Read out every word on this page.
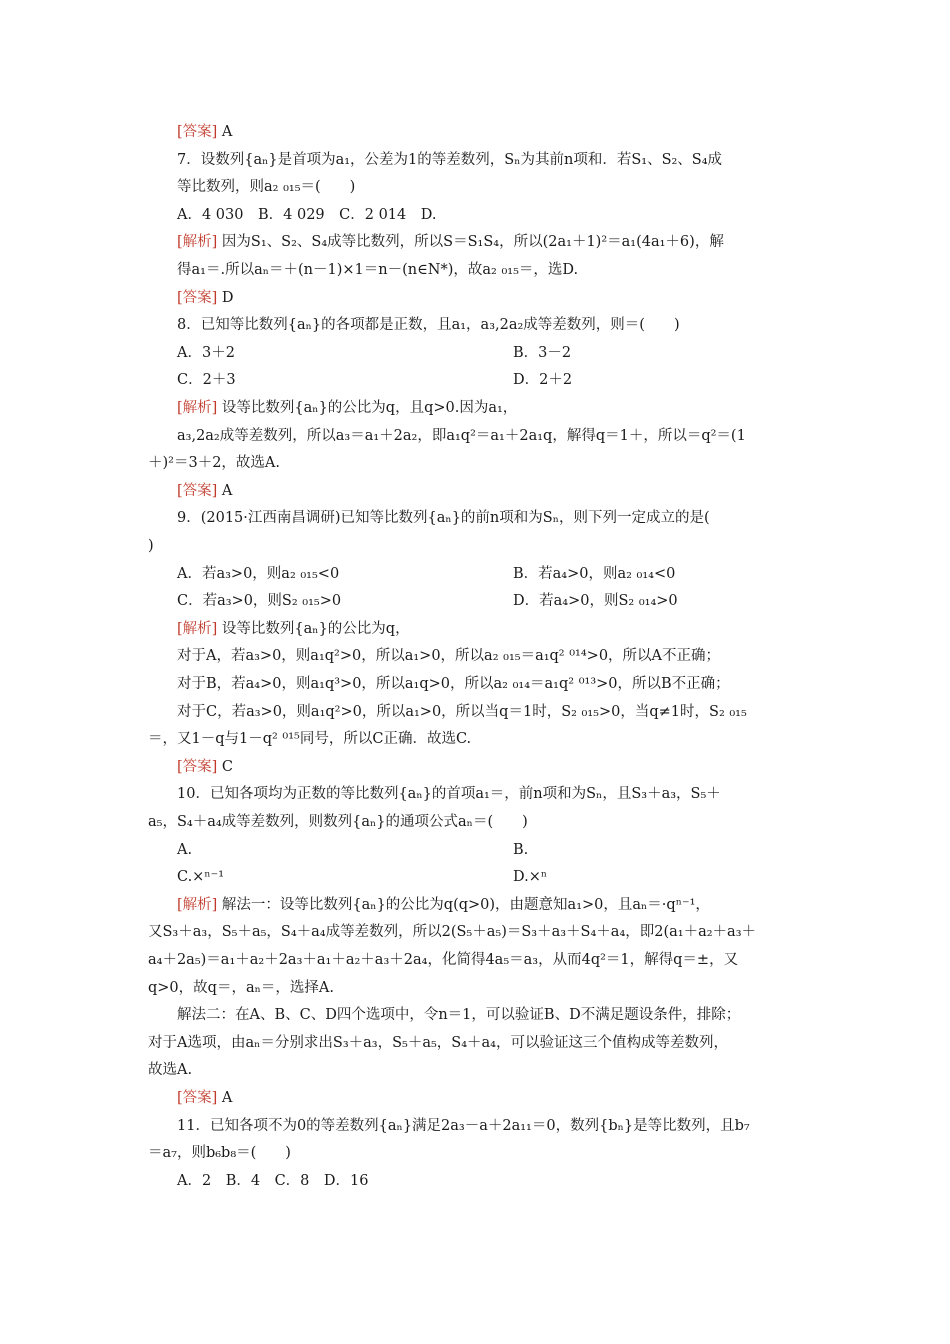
[答案] A
7．设数列{aₙ}是首项为a₁，公差为1的等差数列，Sₙ为其前n项和．若S₁、S₂、S₄成
等比数列，则a₂ ₀₁₅＝(　　)
A．4 030　B．4 029　C．2 014　D.
[解析] 因为S₁、S₂、S₄成等比数列，所以S＝S₁S₄，所以(2a₁＋1)²＝a₁(4a₁＋6)，解
得a₁＝.所以aₙ＝＋(n－1)×1＝n－(n∈N*)，故a₂ ₀₁₅＝，选D.
[答案] D
8．已知等比数列{aₙ}的各项都是正数，且a₁，a₃,2a₂成等差数列，则＝(　　)
A．3＋2	B．3－2
C．2＋3	D．2＋2
[解析] 设等比数列{aₙ}的公比为q，且q>0.因为a₁，
a₃,2a₂成等差数列，所以a₃＝a₁＋2a₂，即a₁q²＝a₁＋2a₁q，解得q＝1＋，所以＝q²＝(1
＋)²＝3＋2，故选A.
[答案] A
9．(2015·江西南昌调研)已知等比数列{aₙ}的前n项和为Sₙ，则下列一定成立的是(
)
A．若a₃>0，则a₂ ₀₁₅<0	B．若a₄>0，则a₂ ₀₁₄<0
C．若a₃>0，则S₂ ₀₁₅>0	D．若a₄>0，则S₂ ₀₁₄>0
[解析] 设等比数列{aₙ}的公比为q，
对于A，若a₃>0，则a₁q²>0，所以a₁>0，所以a₂ ₀₁₅＝a₁q² ⁰¹⁴>0，所以A不正确；
对于B，若a₄>0，则a₁q³>0，所以a₁q>0，所以a₂ ₀₁₄＝a₁q² ⁰¹³>0，所以B不正确；
对于C，若a₃>0，则a₁q²>0，所以a₁>0，所以当q＝1时，S₂ ₀₁₅>0，当q≠1时，S₂ ₀₁₅
＝，又1－q与1－q² ⁰¹⁵同号，所以C正确．故选C.
[答案] C
10．已知各项均为正数的等比数列{aₙ}的首项a₁＝，前n项和为Sₙ，且S₃＋a₃，S₅＋
a₅，S₄＋a₄成等差数列，则数列{aₙ}的通项公式aₙ＝(　　)
A.	B.
C.×ⁿ⁻¹	D.×ⁿ
[解析] 解法一：设等比数列{aₙ}的公比为q(q>0)，由题意知a₁>0，且aₙ＝·qⁿ⁻¹，
又S₃＋a₃，S₅＋a₅，S₄＋a₄成等差数列，所以2(S₅＋a₅)＝S₃＋a₃＋S₄＋a₄，即2(a₁＋a₂＋a₃＋
a₄＋2a₅)＝a₁＋a₂＋2a₃＋a₁＋a₂＋a₃＋2a₄，化简得4a₅＝a₃，从而4q²＝1，解得q＝±，又
q>0，故q＝，aₙ＝，选择A.
解法二：在A、B、C、D四个选项中，令n＝1，可以验证B、D不满足题设条件，排除；
对于A选项，由aₙ＝分别求出S₃＋a₃，S₅＋a₅，S₄＋a₄，可以验证这三个值构成等差数列，
故选A.
[答案] A
11．已知各项不为0的等差数列{aₙ}满足2a₃－a＋2a₁₁＝0，数列{bₙ}是等比数列，且b₇
＝a₇，则b₆b₈＝(　　)
A．2　B．4　C．8　D．16
